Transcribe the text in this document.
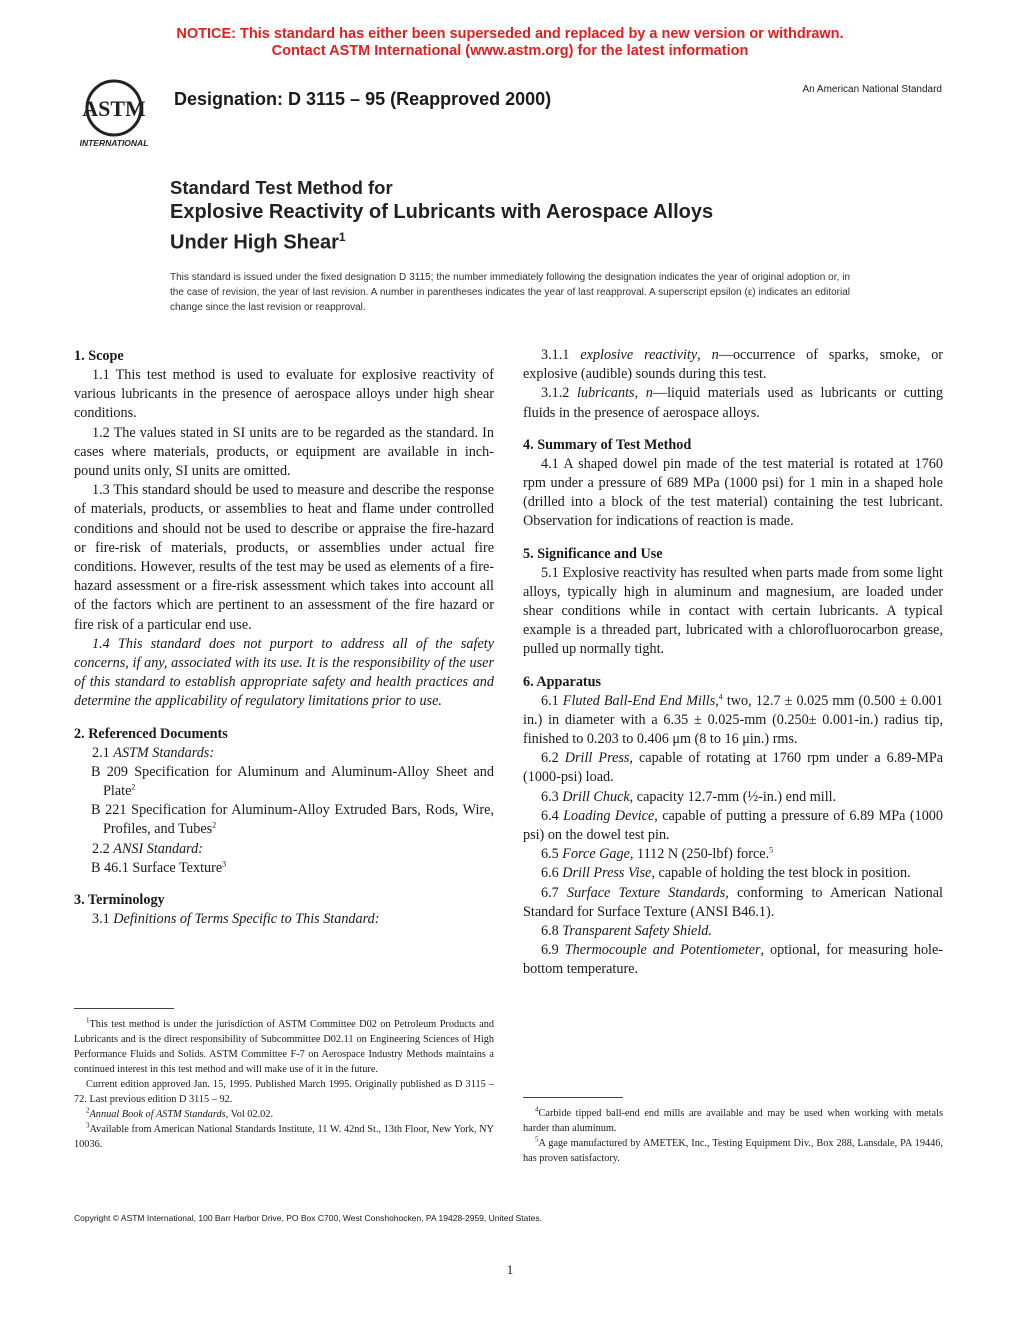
NOTICE: This standard has either been superseded and replaced by a new version or withdrawn.
Contact ASTM International (www.astm.org) for the latest information
ASTM
INTERNATIONAL
Designation: D 3115 – 95 (Reapproved 2000)	An American National Standard
Standard Test Method for
Explosive Reactivity of Lubricants with Aerospace Alloys
Under High Shear$^1$
This standard is issued under the fixed designation D 3115; the number immediately following the designation indicates the year of original adoption or, in the case of revision, the year of last revision. A number in parentheses indicates the year of last reapproval. A superscript epsilon (ε) indicates an editorial change since the last revision or reapproval.
1. Scope

1.1 This test method is used to evaluate for explosive reactivity of various lubricants in the presence of aerospace alloys under high shear conditions.

1.2 The values stated in SI units are to be regarded as the standard. In cases where materials, products, or equipment are available in inch-pound units only, SI units are omitted.

1.3 This standard should be used to measure and describe the response of materials, products, or assemblies to heat and flame under controlled conditions and should not be used to describe or appraise the fire-hazard or fire-risk of materials, products, or assemblies under actual fire conditions. However, results of the test may be used as elements of a fire-hazard assessment or a fire-risk assessment which takes into account all of the factors which are pertinent to an assessment of the fire hazard or fire risk of a particular end use.

1.4 This standard does not purport to address all of the safety concerns, if any, associated with its use. It is the responsibility of the user of this standard to establish appropriate safety and health practices and determine the applicability of regulatory limitations prior to use.

2. Referenced Documents

2.1 ASTM Standards:

B 209 Specification for Aluminum and Aluminum-Alloy Sheet and Plate$^2$

B 221 Specification for Aluminum-Alloy Extruded Bars, Rods, Wire, Profiles, and Tubes$^2$

2.2 ANSI Standard:

B 46.1 Surface Texture$^3$

3. Terminology

3.1 Definitions of Terms Specific to This Standard:

$^1$This test method is under the jurisdiction of ASTM Committee D02 on Petroleum Products and Lubricants and is the direct responsibility of Subcommittee D02.11 on Engineering Sciences of High Performance Fluids and Solids. ASTM Committee F-7 on Aerospace Industry Methods maintains a continued interest in this test method and will make use of it in the future.

Current edition approved Jan. 15, 1995. Published March 1995. Originally published as D 3115 – 72. Last previous edition D 3115 – 92.

$^2$Annual Book of ASTM Standards, Vol 02.02.

$^3$Available from American National Standards Institute, 11 W. 42nd St., 13th Floor, New York, NY 10036.

3.1.1 explosive reactivity, n—occurrence of sparks, smoke, or explosive (audible) sounds during this test.

3.1.2 lubricants, n—liquid materials used as lubricants or cutting fluids in the presence of aerospace alloys.

4. Summary of Test Method

4.1 A shaped dowel pin made of the test material is rotated at 1760 rpm under a pressure of 689 MPa (1000 psi) for 1 min in a shaped hole (drilled into a block of the test material) containing the test lubricant. Observation for indications of reaction is made.

5. Significance and Use

5.1 Explosive reactivity has resulted when parts made from some light alloys, typically high in aluminum and magnesium, are loaded under shear conditions while in contact with certain lubricants. A typical example is a threaded part, lubricated with a chlorofluorocarbon grease, pulled up normally tight.

6. Apparatus

6.1 Fluted Ball-End End Mills,$^4$ two, 12.7 ± 0.025 mm (0.500 ± 0.001 in.) in diameter with a 6.35 ± 0.025-mm (0.250± 0.001-in.) radius tip, finished to 0.203 to 0.406 μm (8 to 16 μin.) rms.

6.2 Drill Press, capable of rotating at 1760 rpm under a 6.89-MPa (1000-psi) load.

6.3 Drill Chuck, capacity 12.7-mm (½-in.) end mill.

6.4 Loading Device, capable of putting a pressure of 6.89 MPa (1000 psi) on the dowel test pin.

6.5 Force Gage, 1112 N (250-lbf) force.$^5$

6.6 Drill Press Vise, capable of holding the test block in position.

6.7 Surface Texture Standards, conforming to American National Standard for Surface Texture (ANSI B46.1).

6.8 Transparent Safety Shield.

6.9 Thermocouple and Potentiometer, optional, for measuring hole-bottom temperature.

$^4$Carbide tipped ball-end end mills are available and may be used when working with metals harder than aluminum.

$^5$A gage manufactured by AMETEK, Inc., Testing Equipment Div., Box 288, Lansdale, PA 19446, has proven satisfactory.

Copyright © ASTM International, 100 Barr Harbor Drive, PO Box C700, West Conshohocken, PA 19428-2959, United States.
1
